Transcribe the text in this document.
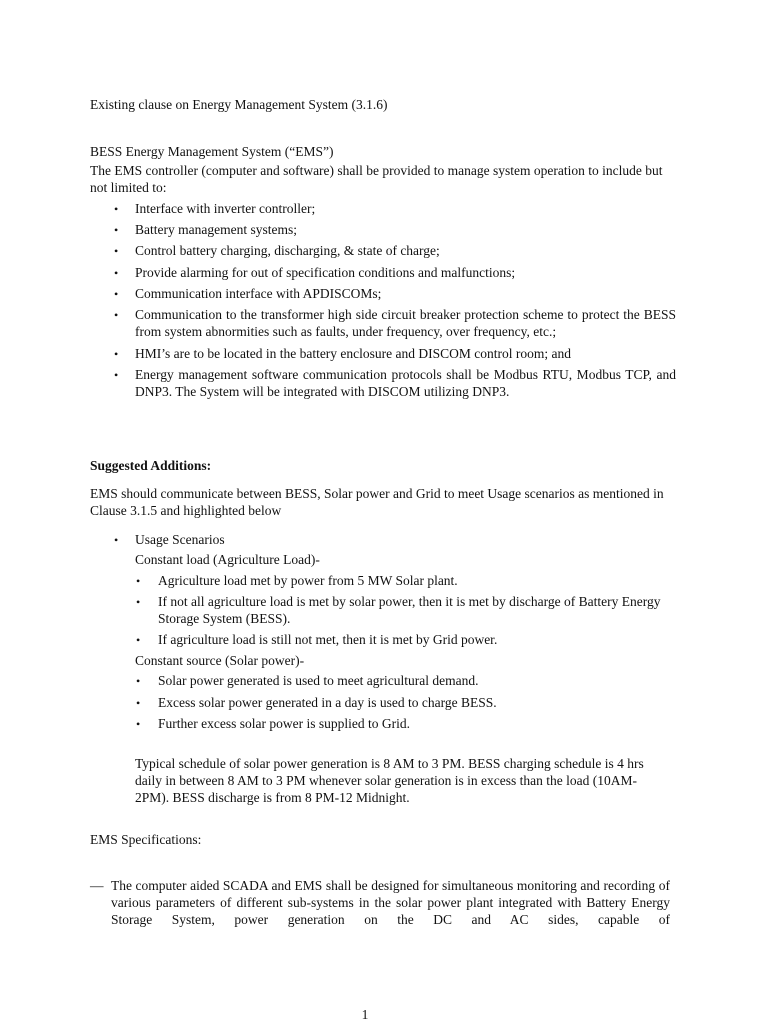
Existing clause on Energy Management System (3.1.6)
BESS Energy Management System (“EMS”)
The EMS controller (computer and software) shall be provided to manage system operation to include but not limited to:
• Interface with inverter controller;
• Battery management systems;
• Control battery charging, discharging, & state of charge;
• Provide alarming for out of specification conditions and malfunctions;
• Communication interface with APDISCOMs;
• Communication to the transformer high side circuit breaker protection scheme to protect the BESS from system abnormities such as faults, under frequency, over frequency, etc.;
• HMI’s are to be located in the battery enclosure and DISCOM control room; and
• Energy management software communication protocols shall be Modbus RTU, Modbus TCP, and DNP3. The System will be integrated with DISCOM utilizing DNP3.
Suggested Additions:
EMS should communicate between BESS, Solar power and Grid to meet Usage scenarios as mentioned in Clause 3.1.5 and highlighted below
• Usage Scenarios
Constant load (Agriculture Load)-
• Agriculture load met by power from 5 MW Solar plant.
• If not all agriculture load is met by solar power, then it is met by discharge of Battery Energy Storage System (BESS).
• If agriculture load is still not met, then it is met by Grid power.
Constant source (Solar power)-
• Solar power generated is used to meet agricultural demand.
• Excess solar power generated in a day is used to charge BESS.
• Further excess solar power is supplied to Grid.
Typical schedule of solar power generation is 8 AM to 3 PM. BESS charging schedule is 4 hrs daily in between 8 AM to 3 PM whenever solar generation is in excess than the load (10AM-2PM). BESS discharge is from 8 PM-12 Midnight.
EMS Specifications:
— The computer aided SCADA and EMS shall be designed for simultaneous monitoring and recording of various parameters of different sub-systems in the solar power plant integrated with Battery Energy Storage System, power generation on the DC and AC sides, capable of
1
